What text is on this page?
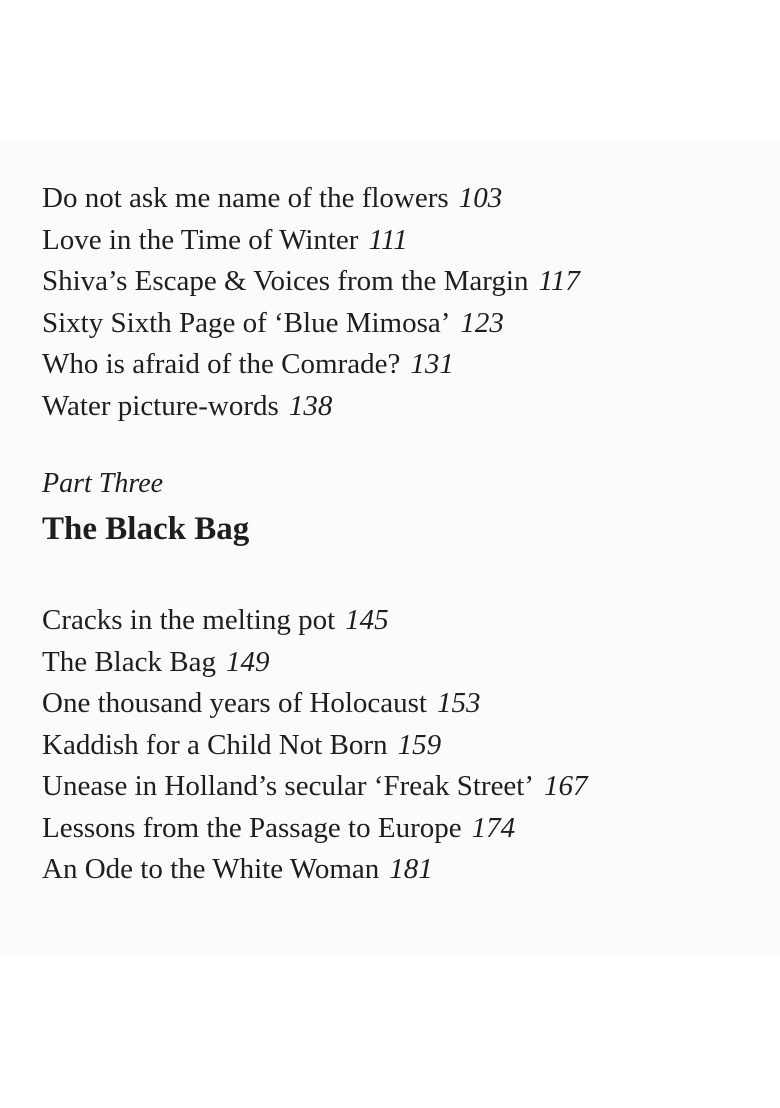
Do not ask me name of the flowers 103
Love in the Time of Winter 111
Shiva’s Escape & Voices from the Margin 117
Sixty Sixth Page of ‘Blue Mimosa’ 123
Who is afraid of the Comrade? 131
Water picture-words 138
Part Three
The Black Bag
Cracks in the melting pot 145
The Black Bag 149
One thousand years of Holocaust 153
Kaddish for a Child Not Born 159
Unease in Holland’s secular ‘Freak Street’ 167
Lessons from the Passage to Europe 174
An Ode to the White Woman 181
